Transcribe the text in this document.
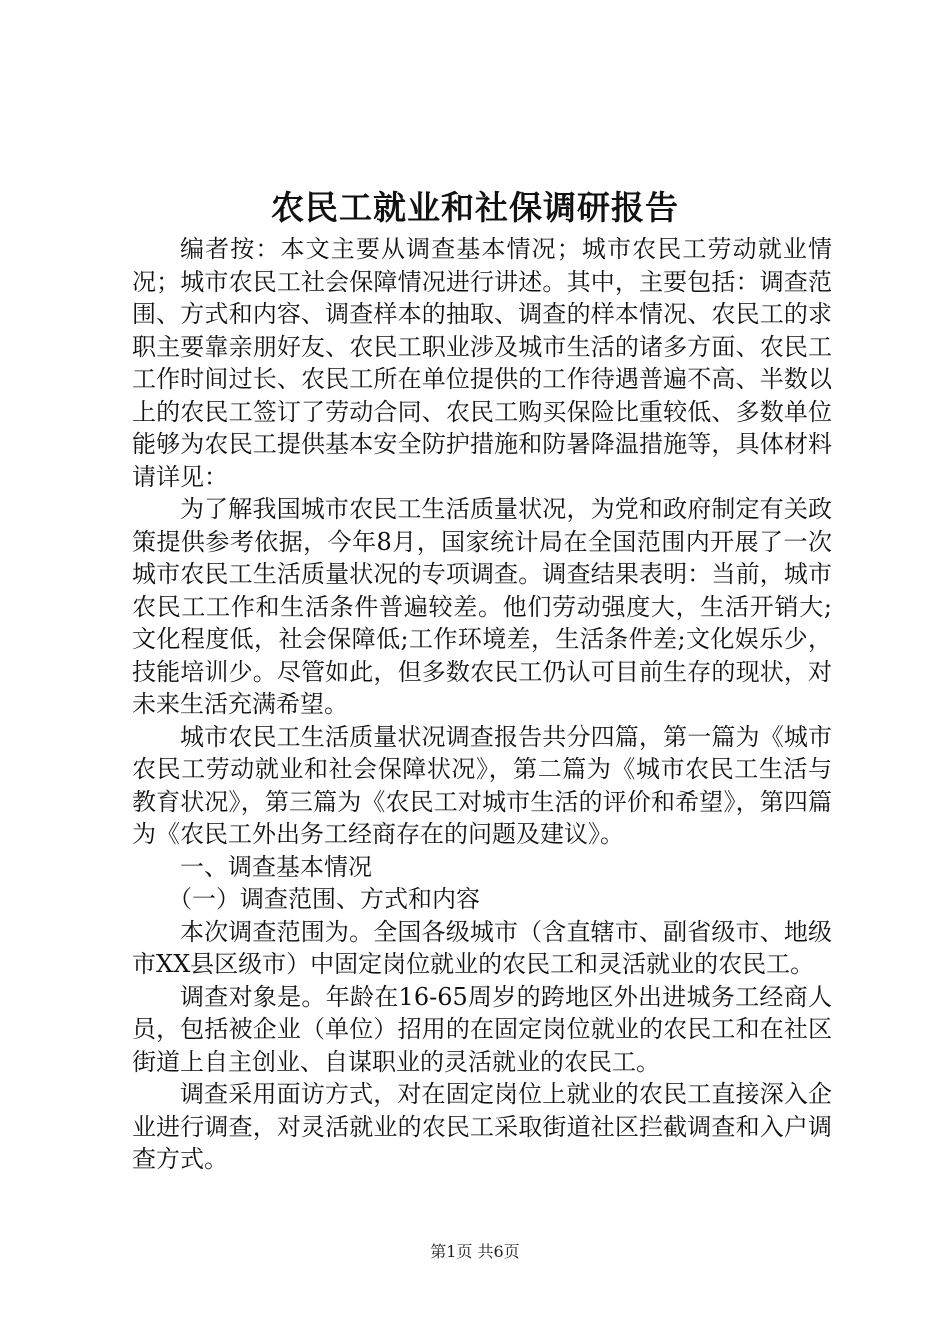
农民工就业和社保调研报告

编者按：本文主要从调查基本情况；城市农民工劳动就业情况；城市农民工社会保障情况进行讲述。其中，主要包括：调查范围、方式和内容、调查样本的抽取、调查的样本情况、农民工的求职主要靠亲朋好友、农民工职业涉及城市生活的诸多方面、农民工工作时间过长、农民工所在单位提供的工作待遇普遍不高、半数以上的农民工签订了劳动合同、农民工购买保险比重较低、多数单位能够为农民工提供基本安全防护措施和防暑降温措施等，具体材料请详见：

为了解我国城市农民工生活质量状况，为党和政府制定有关政策提供参考依据，今年8月，国家统计局在全国范围内开展了一次城市农民工生活质量状况的专项调查。调查结果表明：当前，城市农民工工作和生活条件普遍较差。他们劳动强度大，生活开销大;文化程度低，社会保障低;工作环境差，生活条件差;文化娱乐少，技能培训少。尽管如此，但多数农民工仍认可目前生存的现状，对未来生活充满希望。

城市农民工生活质量状况调查报告共分四篇，第一篇为《城市农民工劳动就业和社会保障状况》，第二篇为《城市农民工生活与教育状况》，第三篇为《农民工对城市生活的评价和希望》，第四篇为《农民工外出务工经商存在的问题及建议》。

一、调查基本情况

（一）调查范围、方式和内容

本次调查范围为。全国各级城市（含直辖市、副省级市、地级市XX县区级市）中固定岗位就业的农民工和灵活就业的农民工。

调查对象是。年龄在16-65周岁的跨地区外出进城务工经商人员，包括被企业（单位）招用的在固定岗位就业的农民工和在社区街道上自主创业、自谋职业的灵活就业的农民工。

调查采用面访方式，对在固定岗位上就业的农民工直接深入企业进行调查，对灵活就业的农民工采取街道社区拦截调查和入户调查方式。

第1页 共6页
